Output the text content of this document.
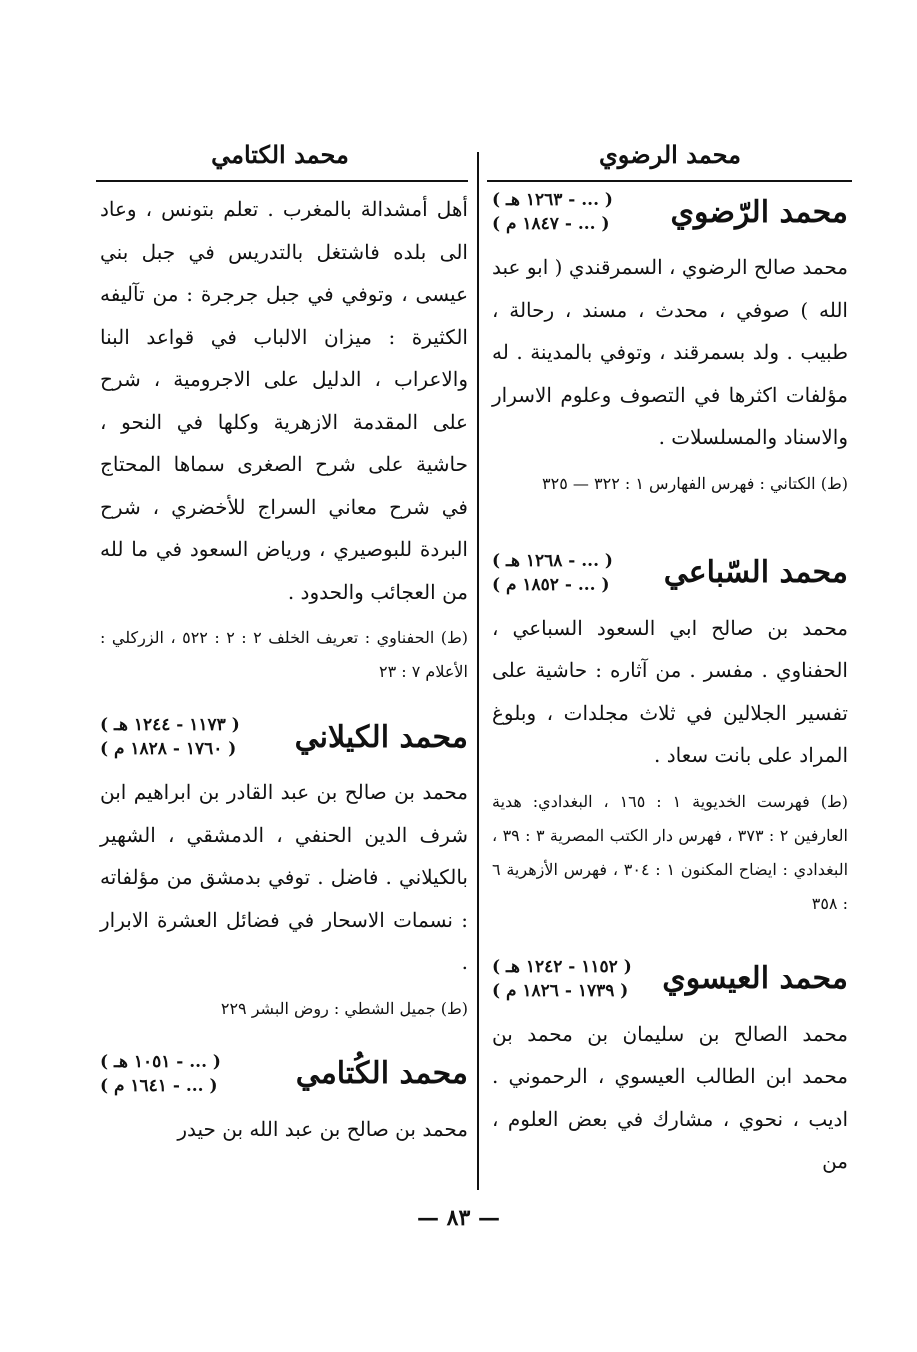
محمد الرضوي
محمد الكتامي
محمد الرّضوي
( ... - ١٢٦٣ هـ )
( ... - ١٨٤٧ م )

محمد صالح الرضوي ، السمرقندي ( ابو عبد الله ) صوفي ، محدث ، مسند ، رحالة ، طبيب . ولد بسمرقند ، وتوفي بالمدينة . له مؤلفات اكثرها في التصوف وعلوم الاسرار والاسناد والمسلسلات .

(ط) الكتاني : فهرس الفهارس ١ : ٣٢٢ — ٣٢٥

محمد السّباعي
( ... - ١٢٦٨ هـ )
( ... - ١٨٥٢ م )

محمد بن صالح ابي السعود السباعي ، الحفناوي . مفسر . من آثاره : حاشية على تفسير الجلالين في ثلاث مجلدات ، وبلوغ المراد على بانت سعاد .

(ط) فهرست الخديوية ١ : ١٦٥ ، البغدادي: هدية العارفين ٢ : ٣٧٣ ، فهرس دار الكتب المصرية ٣ : ٣٩ ، البغدادي : ايضاح المكنون ١ : ٣٠٤ ، فهرس الأزهرية ٦ : ٣٥٨

محمد العيسوي
( ١١٥٢ - ١٢٤٢ هـ )
( ١٧٣٩ - ١٨٢٦ م )

محمد الصالح بن سليمان بن محمد بن محمد ابن الطالب العيسوي ، الرحموني . اديب ، نحوي ، مشارك في بعض العلوم ، من

أهل أمشدالة بالمغرب . تعلم بتونس ، وعاد الى بلده فاشتغل بالتدريس في جبل بني عيسى ، وتوفي في جبل جرجرة : من تآليفه الكثيرة : ميزان الالباب في قواعد البنا والاعراب ، الدليل على الاجرومية ، شرح على المقدمة الازهرية وكلها في النحو ، حاشية على شرح الصغرى سماها المحتاج في شرح معاني السراج للأخضري ، شرح البردة للبوصيري ، ورياض السعود في ما لله من العجائب والحدود .

(ط) الحفناوي : تعريف الخلف ٢ : ٢ : ٥٢٢ ، الزركلي : الأعلام ٧ : ٢٣

محمد الكيلاني
( ١١٧٣ - ١٢٤٤ هـ )
( ١٧٦٠ - ١٨٢٨ م )

محمد بن صالح بن عبد القادر بن ابراهيم ابن شرف الدين الحنفي ، الدمشقي ، الشهير بالكيلاني . فاضل . توفي بدمشق من مؤلفاته : نسمات الاسحار في فضائل العشرة الابرار .

(ط) جميل الشطي : روض البشر ٢٢٩

محمد الكُتامي
( ... - ١٠٥١ هـ )
( ... - ١٦٤١ م )

محمد بن صالح بن عبد الله بن حيدر

— ٨٣ —
